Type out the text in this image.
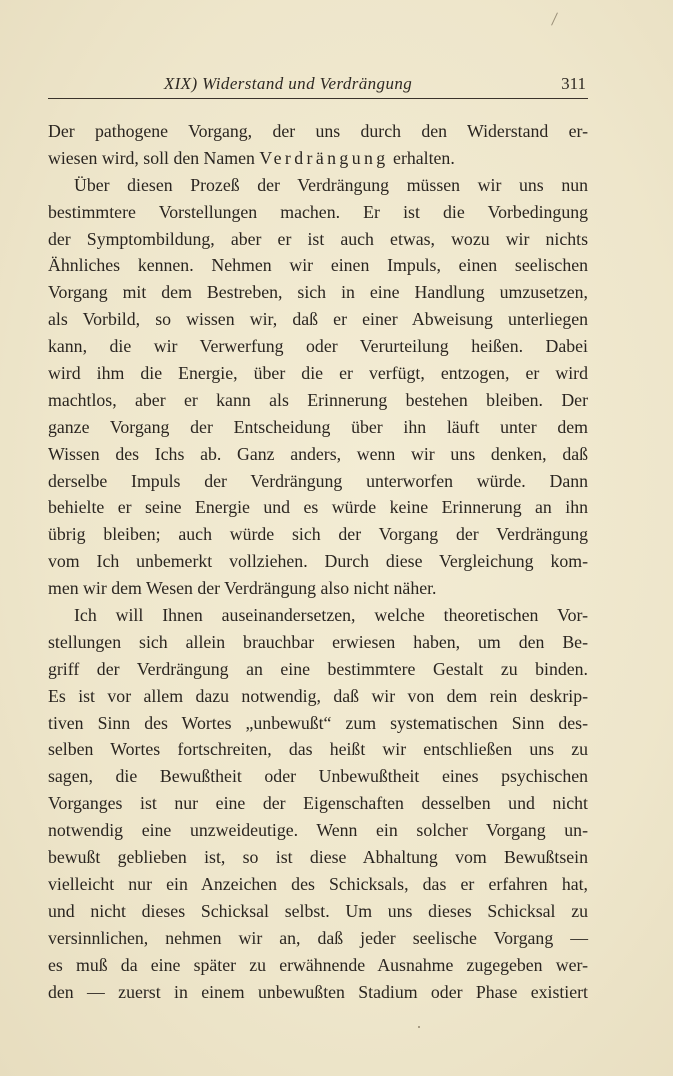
XIX) Widerstand und Verdrängung	311
Der pathogene Vorgang, der uns durch den Widerstand er-
wiesen wird, soll den Namen Verdrängung erhalten.
Über diesen Prozeß der Verdrängung müssen wir uns nun
bestimmtere Vorstellungen machen. Er ist die Vorbedingung
der Symptombildung, aber er ist auch etwas, wozu wir nichts
Ähnliches kennen. Nehmen wir einen Impuls, einen seelischen
Vorgang mit dem Bestreben, sich in eine Handlung umzusetzen,
als Vorbild, so wissen wir, daß er einer Abweisung unterliegen
kann, die wir Verwerfung oder Verurteilung heißen. Dabei
wird ihm die Energie, über die er verfügt, entzogen, er wird
machtlos, aber er kann als Erinnerung bestehen bleiben. Der
ganze Vorgang der Entscheidung über ihn läuft unter dem
Wissen des Ichs ab. Ganz anders, wenn wir uns denken, daß
derselbe Impuls der Verdrängung unterworfen würde. Dann
behielte er seine Energie und es würde keine Erinnerung an ihn
übrig bleiben; auch würde sich der Vorgang der Verdrängung
vom Ich unbemerkt vollziehen. Durch diese Vergleichung kom-
men wir dem Wesen der Verdrängung also nicht näher.
Ich will Ihnen auseinandersetzen, welche theoretischen Vor-
stellungen sich allein brauchbar erwiesen haben, um den Be-
griff der Verdrängung an eine bestimmtere Gestalt zu binden.
Es ist vor allem dazu notwendig, daß wir von dem rein deskrip-
tiven Sinn des Wortes „unbewußt“ zum systematischen Sinn des-
selben Wortes fortschreiten, das heißt wir entschließen uns zu
sagen, die Bewußtheit oder Unbewußtheit eines psychischen
Vorganges ist nur eine der Eigenschaften desselben und nicht
notwendig eine unzweideutige. Wenn ein solcher Vorgang un-
bewußt geblieben ist, so ist diese Abhaltung vom Bewußtsein
vielleicht nur ein Anzeichen des Schicksals, das er erfahren hat,
und nicht dieses Schicksal selbst. Um uns dieses Schicksal zu
versinnlichen, nehmen wir an, daß jeder seelische Vorgang —
es muß da eine später zu erwähnende Ausnahme zugegeben wer-
den — zuerst in einem unbewußten Stadium oder Phase existiert
